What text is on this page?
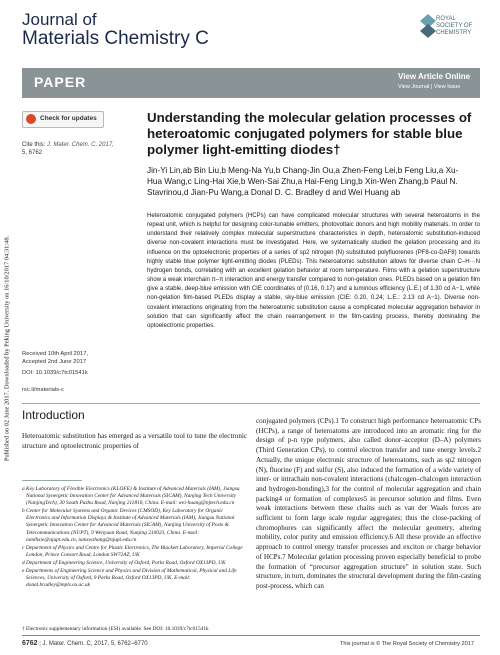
Journal of
Materials Chemistry C
ROYAL SOCIETY OF CHEMISTRY
PAPER	View Article Online
View Journal | View Issue
Published on 02 June 2017. Downloaded by Peking University on 16/10/2017 04:31:48.
Check for updates
Cite this: J. Mater. Chem. C, 2017,
5, 6762
Understanding the molecular gelation processes of heteroatomic conjugated polymers for stable blue polymer light-emitting diodes†
Jin-Yi Lin,ab Bin Liu,b Meng-Na Yu,b Chang-Jin Ou,a Zhen-Feng Lei,b Feng Liu,a Xu-Hua Wang,c Ling-Hai Xie,b Wen-Sai Zhu,a Hai-Feng Ling,b Xin-Wen Zhang,b Paul N. Stavrinou,d Jian-Pu Wang,a Donal D. C. Bradley d and Wei Huang ab
Heteroatomic conjugated polymers (HCPs) can have complicated molecular structures with several heteroatoms in the repeat unit, which is helpful for designing color-tunable emitters, photovoltaic donors and high mobility materials. In order to understand their relatively complex molecular superstructure characteristics in depth, heteroatomic substitution-induced diverse non-covalent interactions must be investigated. Here, we systematically studied the gelation processing and its influence on the optoelectronic properties of a series of sp2 nitrogen (N) substituted polyfluorenes (PF8-co-DAF8) towards highly stable blue polymer light-emitting diodes (PLEDs). This heteroatomic substitution allows for diverse chain C–H···N hydrogen bonds, correlating with an excellent gelation behavior at room temperature. Films with a gelation superstructure show a weak interchain π–π interaction and energy transfer compared to non-gelation ones. PLEDs based on a gelation film give a stable, deep-blue emission with CIE coordinates of (0.16, 0.17) and a luminous efficiency (L.E.) of 1.30 cd A−1, while non-gelation film-based PLEDs display a stable, sky-blue emission (CIE: 0.20, 0.24; L.E.: 2.13 cd A−1). Diverse non-covalent interactions originating from the heteroatomic substitution cause a complicated molecular aggregation behavior in solution that can significantly affect the chain rearrangement in the film-casting process, thereby dominating the optoelectronic properties.
Received 10th April 2017,
Accepted 2nd June 2017
DOI: 10.1039/c7tc01541k
rsc.li/materials-c
Introduction
Heteroatomic substitution has emerged as a versatile tool to tune the electronic structure and optoelectronic properties of

a Key Laboratory of Flexible Electronics (KLOFE) & Institute of Advanced Materials (IAM), Jiangsu National Synergetic Innovation Center for Advanced Materials (SICAM), Nanjing Tech University (NanjingTech), 30 South Puzhu Road, Nanjing 211816, China. E-mail: wei-huang@njtech.edu.cn

b Center for Molecular Systems and Organic Devices (CMSOD), Key Laboratory for Organic Electronics and Information Displays & Institute of Advanced Materials (IAM), Jiangsu National Synergetic Innovation Center for Advanced Materials (SICAM), Nanjing University of Posts & Telecommunications (NUPT), 9 Wenyuan Road, Nanjing 210023, China. E-mail: iamlhxie@njupt.edu.cn, iamxwzhang@njupt.edu.cn

c Department of Physics and Centre for Plastic Electronics, The Blackett Laboratory, Imperial College London, Prince Consort Road, London SW72AZ, UK

d Department of Engineering Science, University of Oxford, Parks Road, Oxford OX13PD, UK

e Departments of Engineering Science and Physics and Division of Mathematical, Physical and Life Sciences, University of Oxford, 9 Parks Road, Oxford OX13PD, UK. E-mail: donal.bradley@mpls.ox.ac.uk

† Electronic supplementary information (ESI) available. See DOI: 10.1039/c7tc01541k
conjugated polymers (CPs).1 To construct high performance heteroatomic CPs (HCPs), a range of heteroatoms are introduced into an aromatic ring for the design of p-n type polymers, also called donor–acceptor (D–A) polymers (Third Generation CPs), to control electron transfer and tune energy levels.2 Actually, the unique electronic structure of heteroatoms, such as sp2 nitrogen (N), fluorine (F) and sulfur (S), also induced the formation of a wide variety of inter- or intrachain non-covalent interactions (chalcogen–chalcogen interaction and hydrogen-bonding),3 for the control of molecular aggregation and chain packing4 or formation of complexes5 in precursor solution and films. Even weak interactions between these chains such as van der Waals forces are sufficient to form large scale regular aggregates; thus the close-packing of chromophores can significantly affect the molecular geometry, altering mobility, color purity and emission efficiency.6 All these provide an effective approach to control energy transfer processes and exciton or charge behavior of HCPs.7 Molecular gelation processing proven especially beneficial to probe the formation of “precursor aggregation structure” in solution state. Such structure, in turn, dominates the structural development during the film-casting post-process, which can
6762 | J. Mater. Chem. C, 2017, 5, 6762–6770	This journal is © The Royal Society of Chemistry 2017
